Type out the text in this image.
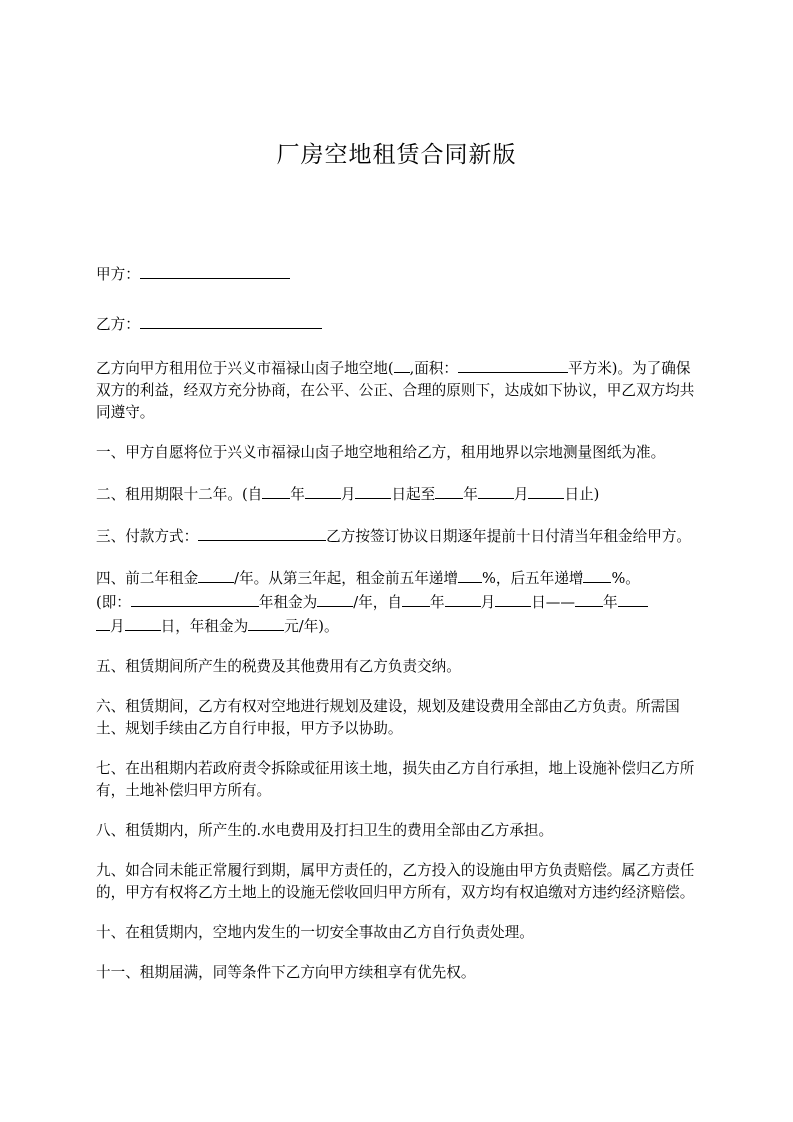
厂房空地租赁合同新版

甲方：

乙方：

乙方向甲方租用位于兴义市福禄山卤子地空地( ,面积：	平方米)。为了确保双方的利益，经双方充分协商，在公平、公正、合理的原则下，达成如下协议，甲乙双方均共同遵守。

一、甲方自愿将位于兴义市福禄山卤子地空地租给乙方，租用地界以宗地测量图纸为准。

二、租用期限十二年。(自 年 月 日起至 年 月 日止)

三、付款方式：	乙方按签订协议日期逐年提前十日付清当年租金给甲方。

四、前二年租金 /年。从第三年起，租金前五年递增 %，后五年递增 %。
(即：	年租金为 /年，自 年 月 日—— 年
月 日，年租金为 元/年)。

五、租赁期间所产生的税费及其他费用有乙方负责交纳。

六、租赁期间，乙方有权对空地进行规划及建设，规划及建设费用全部由乙方负责。所需国土、规划手续由乙方自行申报，甲方予以协助。

七、在出租期内若政府责令拆除或征用该土地，损失由乙方自行承担，地上设施补偿归乙方所有，土地补偿归甲方所有。

八、租赁期内，所产生的.水电费用及打扫卫生的费用全部由乙方承担。

九、如合同未能正常履行到期，属甲方责任的，乙方投入的设施由甲方负责赔偿。属乙方责任的，甲方有权将乙方土地上的设施无偿收回归甲方所有，双方均有权追缴对方违约经济赔偿。

十、在租赁期内，空地内发生的一切安全事故由乙方自行负责处理。

十一、租期届满，同等条件下乙方向甲方续租享有优先权。
